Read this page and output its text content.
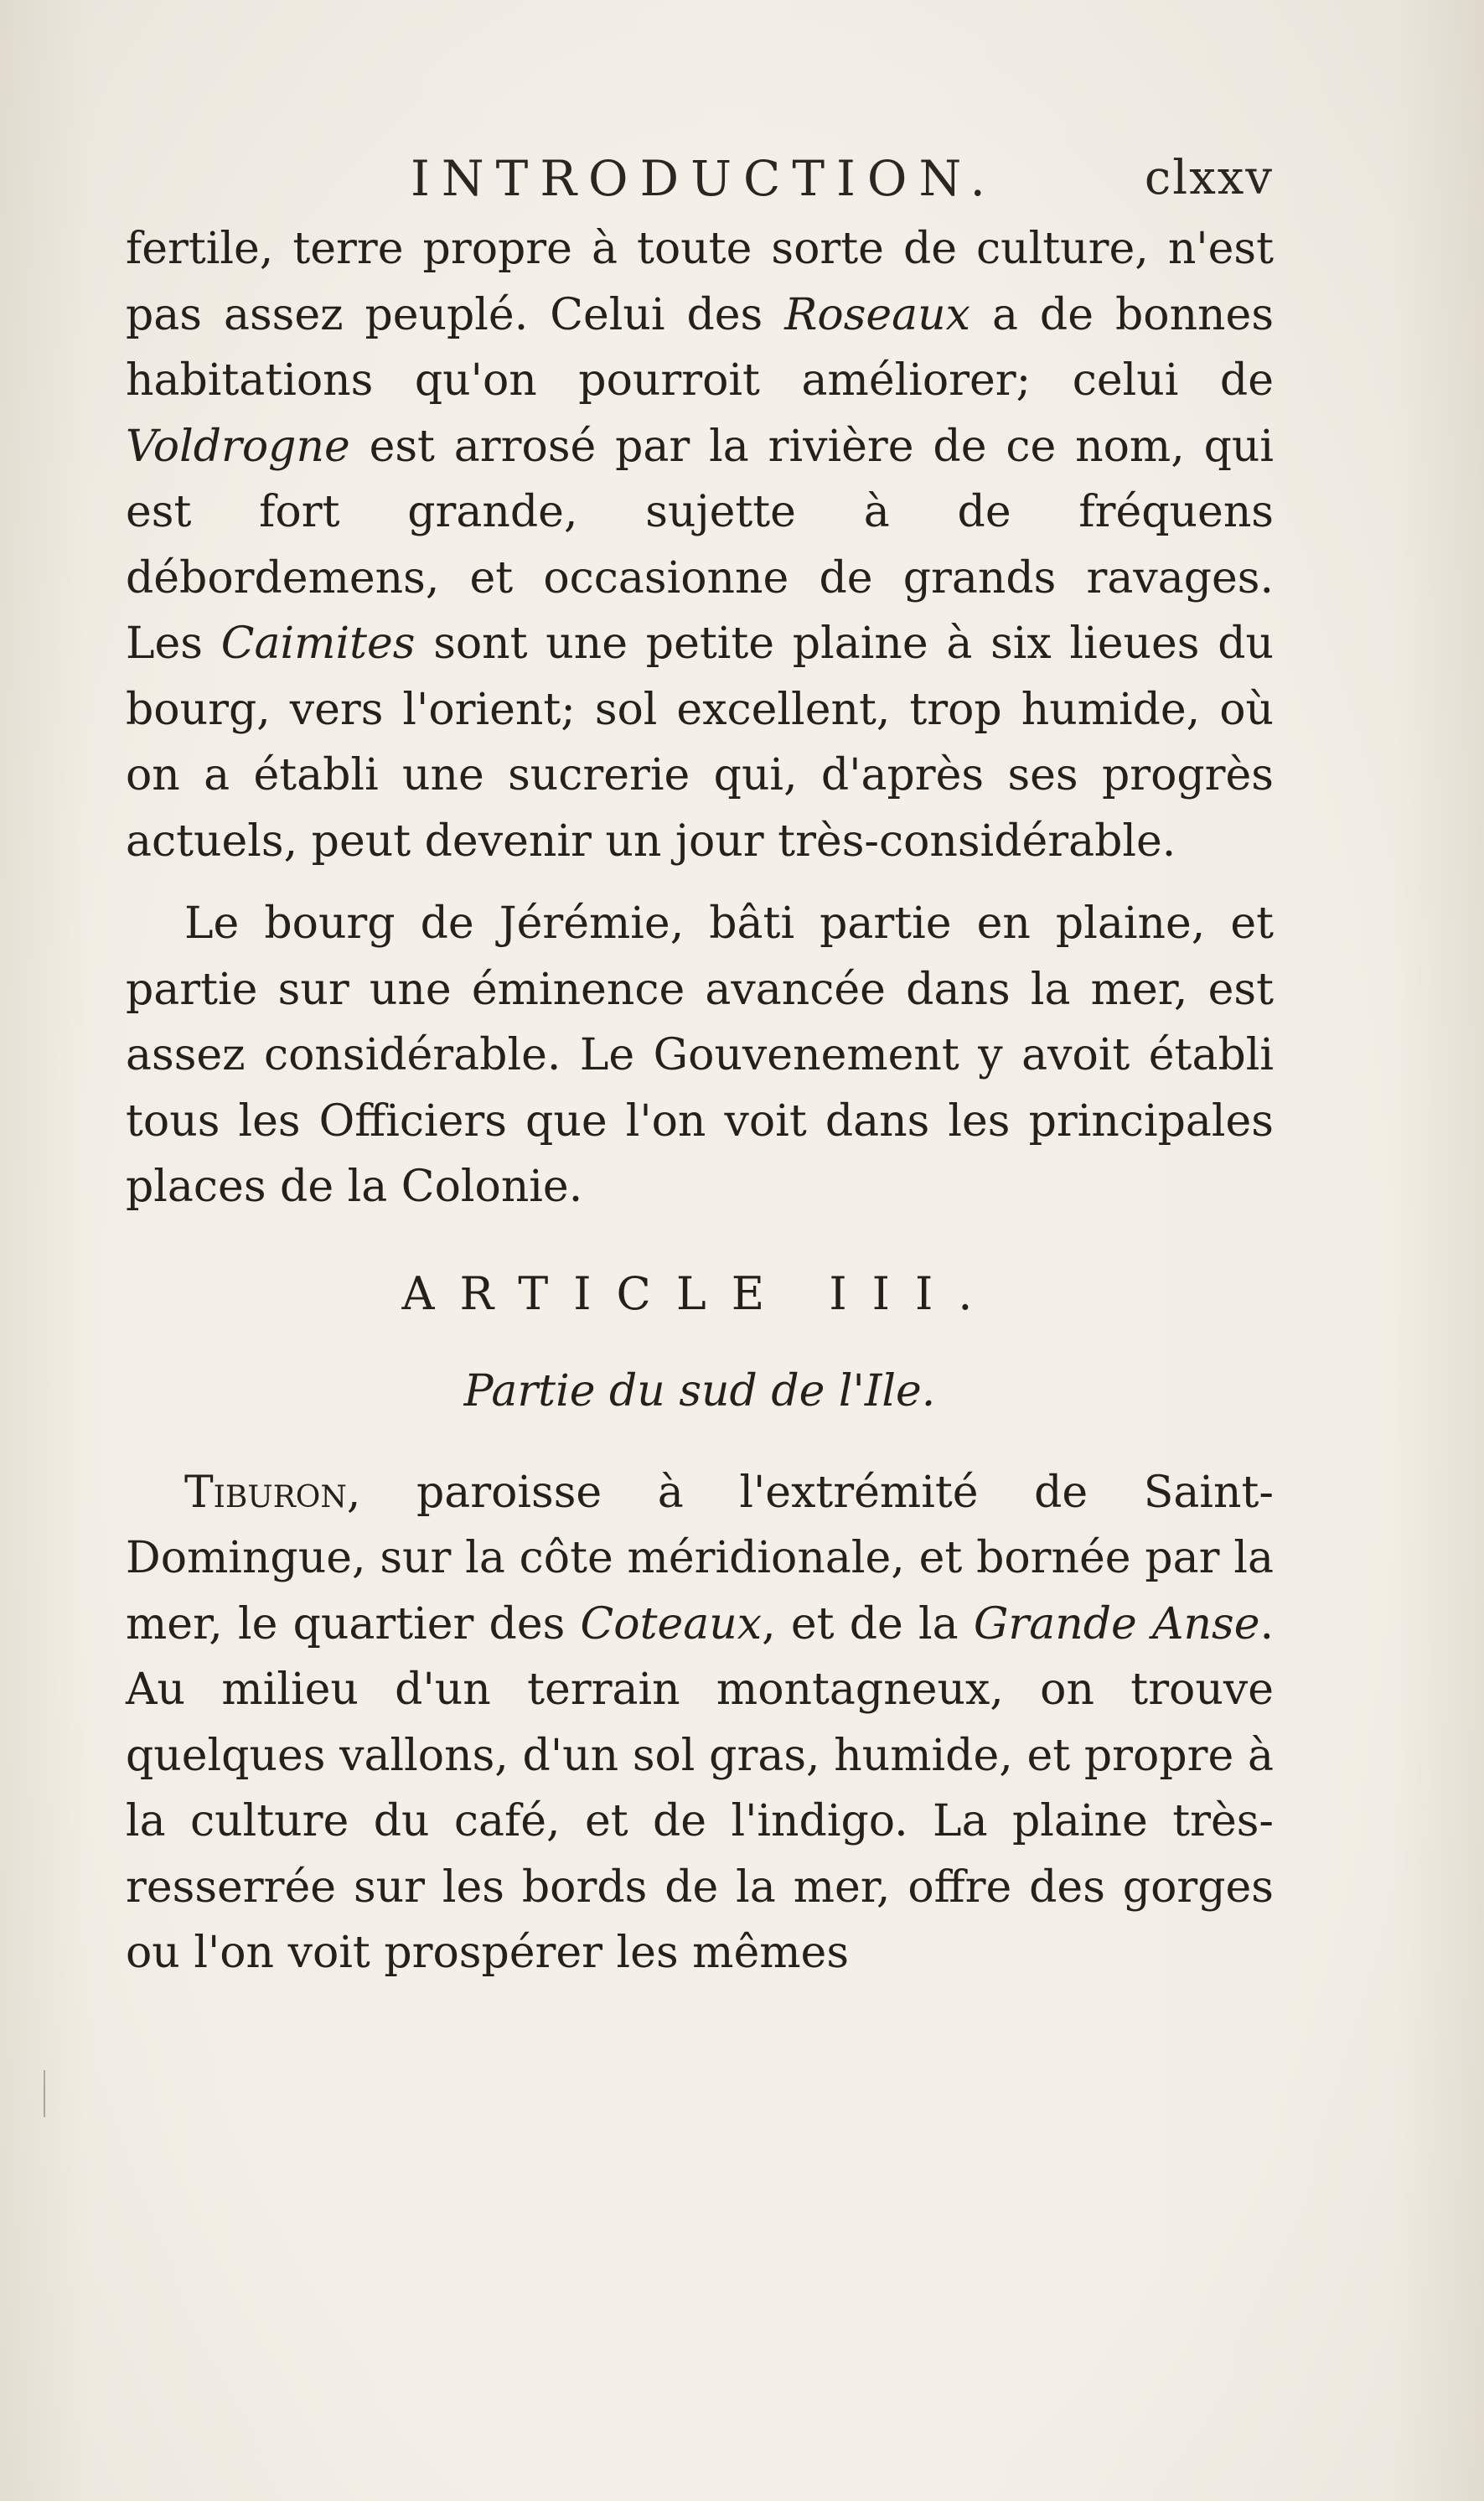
INTRODUCTION.	clxxv

fertile, terre propre à toute sorte de culture, n'est pas assez peuplé. Celui des Roseaux a de bonnes habitations qu'on pourroit améliorer; celui de Voldrogne est arrosé par la rivière de ce nom, qui est fort grande, sujette à de fréquens débordemens, et occasionne de grands ravages. Les Caimites sont une petite plaine à six lieues du bourg, vers l'orient; sol excellent, trop humide, où on a établi une sucrerie qui, d'après ses progrès actuels, peut devenir un jour très-considérable.

Le bourg de Jérémie, bâti partie en plaine, et partie sur une éminence avancée dans la mer, est assez considérable. Le Gouvenement y avoit établi tous les Officiers que l'on voit dans les principales places de la Colonie.

ARTICLE III.
Partie du sud de l'Ile.

Tiburon, paroisse à l'extrémité de Saint-Domingue, sur la côte méridionale, et bornée par la mer, le quartier des Coteaux, et de la Grande Anse. Au milieu d'un terrain montagneux, on trouve quelques vallons, d'un sol gras, humide, et propre à la culture du café, et de l'indigo. La plaine très-resserrée sur les bords de la mer, offre des gorges ou l'on voit prospérer les mêmes
